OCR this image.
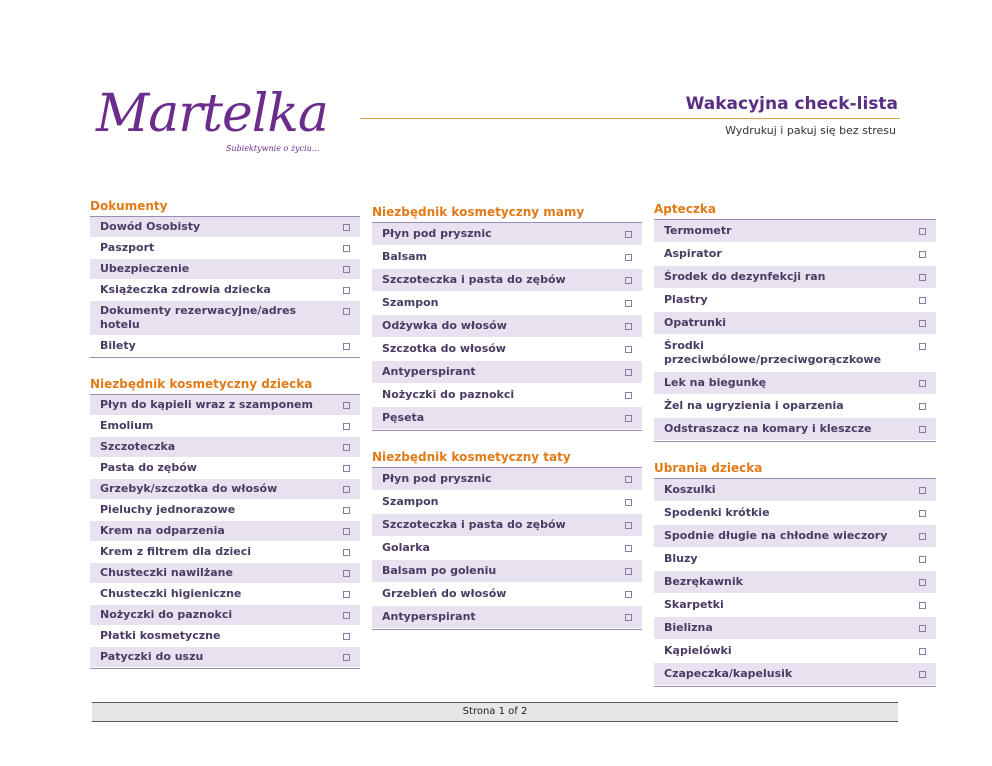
Martelka
Subiektywnie o życiu...
Wakacyjna check-lista
Wydrukuj i pakuj się bez stresu
Dokumenty
Dowód Osobisty
Paszport
Ubezpieczenie
Książeczka zdrowia dziecka
Dokumenty rezerwacyjne/adres hotelu
Bilety
Niezbędnik kosmetyczny dziecka
Płyn do kąpieli wraz z szamponem
Emolium
Szczoteczka
Pasta do zębów
Grzebyk/szczotka do włosów
Pieluchy jednorazowe
Krem na odparzenia
Krem z filtrem dla dzieci
Chusteczki nawilżane
Chusteczki higieniczne
Nożyczki do paznokci
Płatki kosmetyczne
Patyczki do uszu
Niezbędnik kosmetyczny mamy
Płyn pod prysznic
Balsam
Szczoteczka i pasta do zębów
Szampon
Odżywka do włosów
Szczotka do włosów
Antyperspirant
Nożyczki do paznokci
Pęseta
Niezbędnik kosmetyczny taty
Płyn pod prysznic
Szampon
Szczoteczka i pasta do zębów
Golarka
Balsam po goleniu
Grzebień do włosów
Antyperspirant
Apteczka
Termometr
Aspirator
Środek do dezynfekcji ran
Plastry
Opatrunki
Środki przeciwbólowe/przeciwgorączkowe
Lek na biegunkę
Żel na ugryzienia i oparzenia
Odstraszacz na komary i kleszcze
Ubrania dziecka
Koszulki
Spodenki krótkie
Spodnie długie na chłodne wieczory
Bluzy
Bezrękawnik
Skarpetki
Bielizna
Kąpielówki
Czapeczka/kapelusik
Strona 1 of 2
